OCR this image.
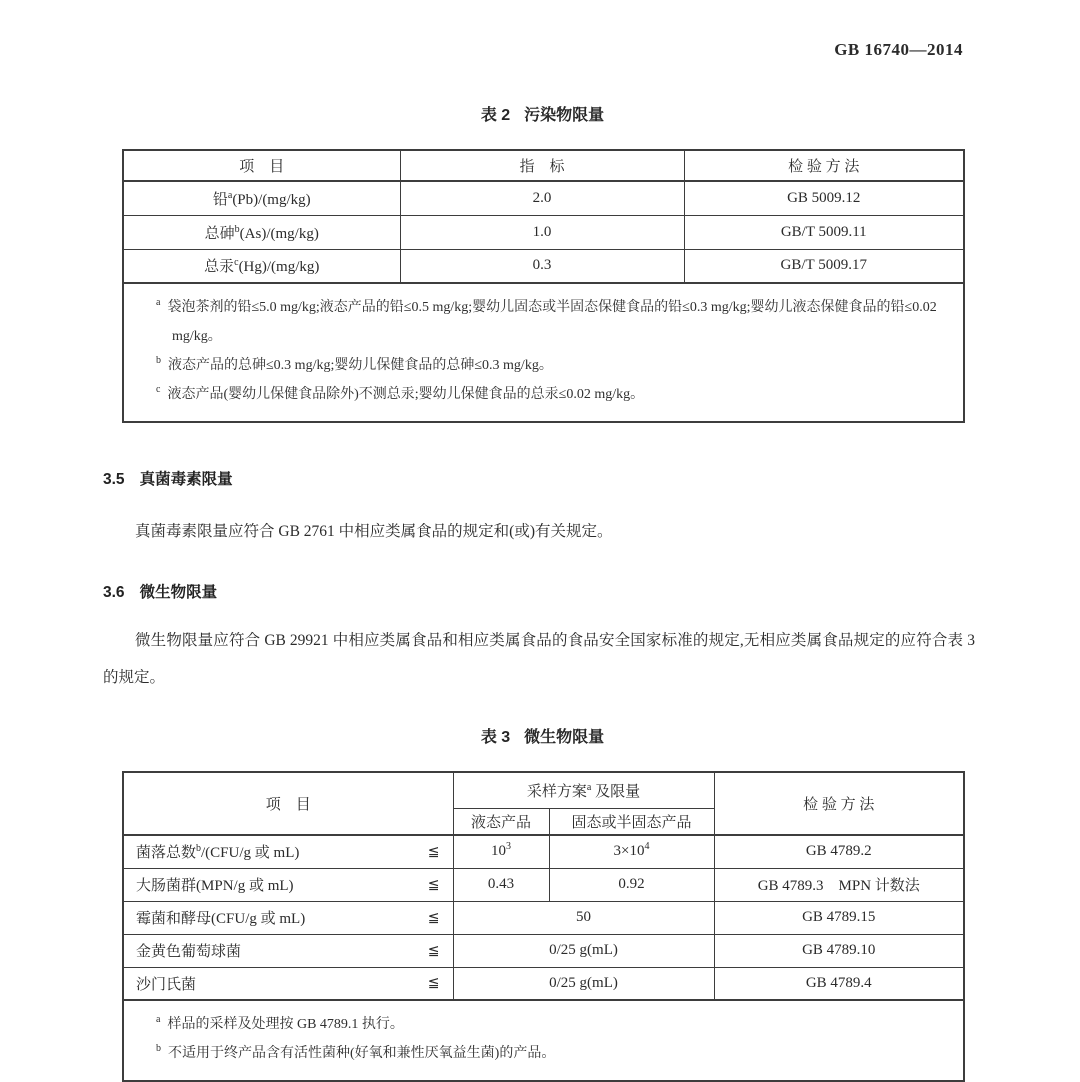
GB 16740—2014
表 2 污染物限量
项　目	指　标	检 验 方 法
铅$^a$(Pb)/(mg/kg)	2.0	GB 5009.12
总砷$^b$(As)/(mg/kg)	1.0	GB/T 5009.11
总汞$^c$(Hg)/(mg/kg)	0.3	GB/T 5009.17

$^a$ 袋泡茶剂的铅≤5.0 mg/kg;液态产品的铅≤0.5 mg/kg;婴幼儿固态或半固态保健食品的铅≤0.3 mg/kg;婴幼儿液态保健食品的铅≤0.02 mg/kg。
$^b$ 液态产品的总砷≤0.3 mg/kg;婴幼儿保健食品的总砷≤0.3 mg/kg。
$^c$ 液态产品(婴幼儿保健食品除外)不测总汞;婴幼儿保健食品的总汞≤0.02 mg/kg。		
3.5 真菌毒素限量

真菌毒素限量应符合 GB 2761 中相应类属食品的规定和(或)有关规定。

3.6 微生物限量

微生物限量应符合 GB 29921 中相应类属食品和相应类属食品的食品安全国家标准的规定,无相应类属食品规定的应符合表 3 的规定。

表 3 微生物限量
项　目	采样方案$^a$ 及限量		检 验 方 法
	液态产品	固态或半固态产品	

菌落总数$^b$/(CFU/g 或 mL) ≦	$10^3$	$3\times 10^4$	GB 4789.2

大肠菌群(MPN/g 或 mL) ≦	0.43	0.92	GB 4789.3　MPN 计数法

霉菌和酵母(CFU/g 或 mL) ≦	50		GB 4789.15

金黄色葡萄球菌 ≦	0/25 g(mL)		GB 4789.10

沙门氏菌 ≦	0/25 g(mL)		GB 4789.4

$^a$ 样品的采样及处理按 GB 4789.1 执行。
$^b$ 不适用于终产品含有活性菌种(好氧和兼性厌氧益生菌)的产品。			
